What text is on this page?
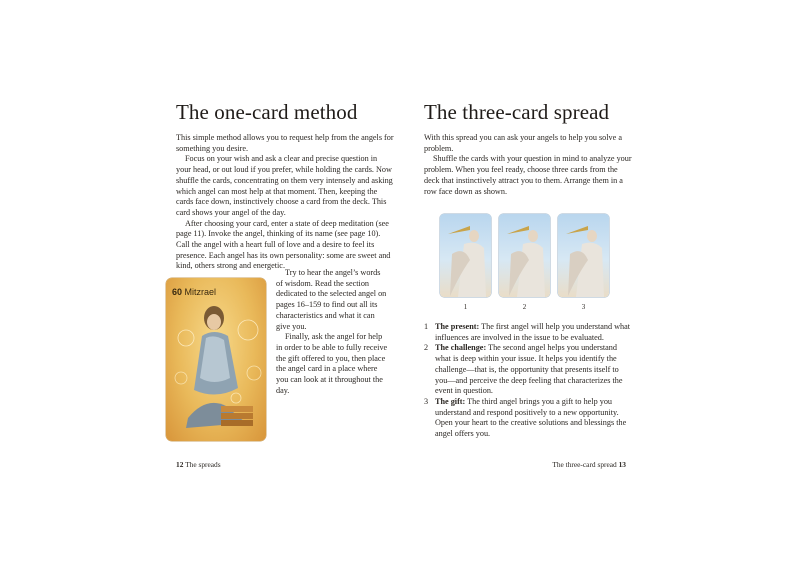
The one-card method

This simple method allows you to request help from the angels for something you desire.

Focus on your wish and ask a clear and precise question in your head, or out loud if you prefer, while holding the cards. Now shuffle the cards, concentrating on them very intensely and asking which angel can most help at that moment. Then, keeping the cards face down, instinctively choose a card from the deck. This card shows your angel of the day.

After choosing your card, enter a state of deep meditation (see page 11). Invoke the angel, thinking of its name (see page 10). Call the angel with a heart full of love and a desire to feel its presence. Each angel has its own personality: some are sweet and kind, others strong and energetic.

60 Mitzrael

Try to hear the angel’s words of wisdom. Read the section dedicated to the selected angel on pages 16–159 to find out all its characteristics and what it can give you.

Finally, ask the angel for help in order to be able to fully receive the gift offered to you, then place the angel card in a place where you can look at it throughout the day.

12 The spreads
The three-card spread

With this spread you can ask your angels to help you solve a problem.

Shuffle the cards with your question in mind to analyze your problem. When you feel ready, choose three cards from the deck that instinctively attract you to them. Arrange them in a row face down as shown.

1	2	3
1 The present: The first angel will help you understand what influences are involved in the issue to be evaluated.
2 The challenge: The second angel helps you understand what is deep within your issue. It helps you identify the challenge—that is, the opportunity that presents itself to you—and perceive the deep feeling that characterizes the event in question.
3 The gift: The third angel brings you a gift to help you understand and respond positively to a new opportunity. Open your heart to the creative solutions and blessings the angel offers you.
The three-card spread 13
